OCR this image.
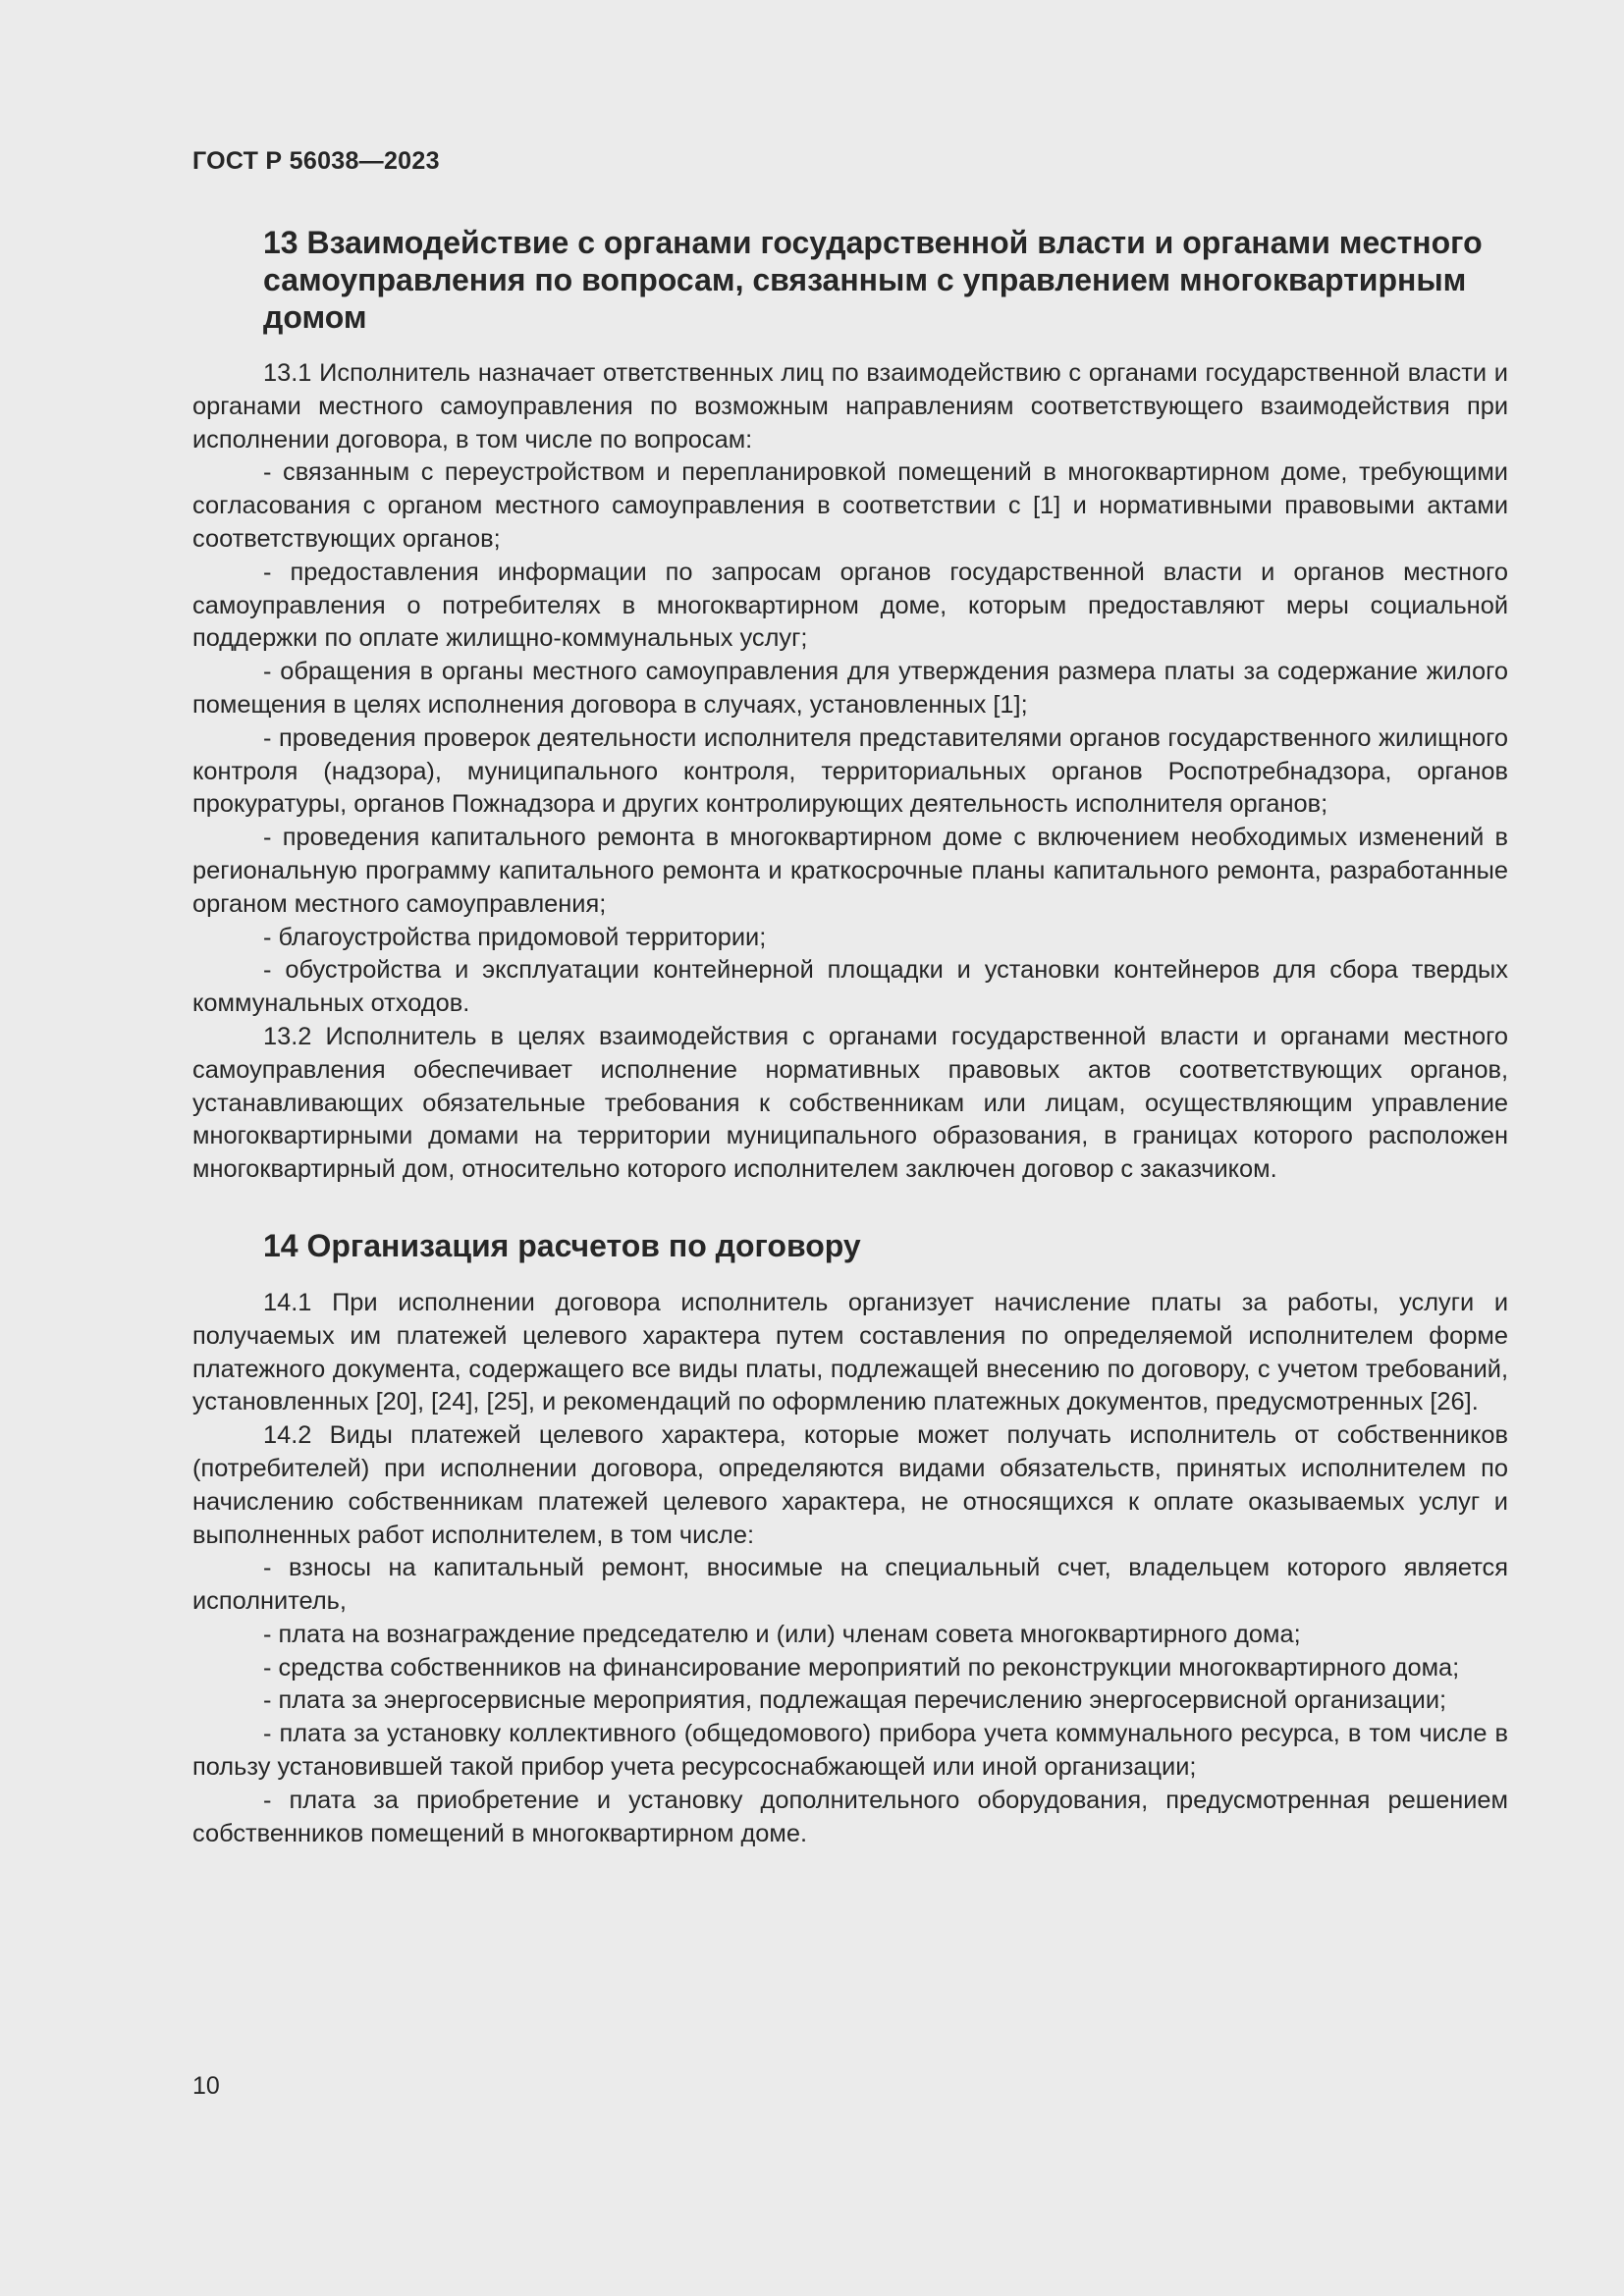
ГОСТ Р 56038—2023
13 Взаимодействие с органами государственной власти и органами местного самоуправления по вопросам, связанным с управлением многоквартирным домом

13.1 Исполнитель назначает ответственных лиц по взаимодействию с органами государственной власти и органами местного самоуправления по возможным направлениям соответствующего взаимодействия при исполнении договора, в том числе по вопросам:

- связанным с переустройством и перепланировкой помещений в многоквартирном доме, требующими согласования с органом местного самоуправления в соответствии с [1] и нормативными правовыми актами соответствующих органов;

- предоставления информации по запросам органов государственной власти и органов местного самоуправления о потребителях в многоквартирном доме, которым предоставляют меры социальной поддержки по оплате жилищно-коммунальных услуг;

- обращения в органы местного самоуправления для утверждения размера платы за содержание жилого помещения в целях исполнения договора в случаях, установленных [1];

- проведения проверок деятельности исполнителя представителями органов государственного жилищного контроля (надзора), муниципального контроля, территориальных органов Роспотребнадзора, органов прокуратуры, органов Пожнадзора и других контролирующих деятельность исполнителя органов;

- проведения капитального ремонта в многоквартирном доме с включением необходимых изменений в региональную программу капитального ремонта и краткосрочные планы капитального ремонта, разработанные органом местного самоуправления;

- благоустройства придомовой территории;

- обустройства и эксплуатации контейнерной площадки и установки контейнеров для сбора твердых коммунальных отходов.

13.2 Исполнитель в целях взаимодействия с органами государственной власти и органами местного самоуправления обеспечивает исполнение нормативных правовых актов соответствующих органов, устанавливающих обязательные требования к собственникам или лицам, осуществляющим управление многоквартирными домами на территории муниципального образования, в границах которого расположен многоквартирный дом, относительно которого исполнителем заключен договор с заказчиком.

14 Организация расчетов по договору

14.1 При исполнении договора исполнитель организует начисление платы за работы, услуги и получаемых им платежей целевого характера путем составления по определяемой исполнителем форме платежного документа, содержащего все виды платы, подлежащей внесению по договору, с учетом требований, установленных [20], [24], [25], и рекомендаций по оформлению платежных документов, предусмотренных [26].

14.2 Виды платежей целевого характера, которые может получать исполнитель от собственников (потребителей) при исполнении договора, определяются видами обязательств, принятых исполнителем по начислению собственникам платежей целевого характера, не относящихся к оплате оказываемых услуг и выполненных работ исполнителем, в том числе:

- взносы на капитальный ремонт, вносимые на специальный счет, владельцем которого является исполнитель,

- плата на вознаграждение председателю и (или) членам совета многоквартирного дома;

- средства собственников на финансирование мероприятий по реконструкции многоквартирного дома;

- плата за энергосервисные мероприятия, подлежащая перечислению энергосервисной организации;

- плата за установку коллективного (общедомового) прибора учета коммунального ресурса, в том числе в пользу установившей такой прибор учета ресурсоснабжающей или иной организации;

- плата за приобретение и установку дополнительного оборудования, предусмотренная решением собственников помещений в многоквартирном доме.

10
